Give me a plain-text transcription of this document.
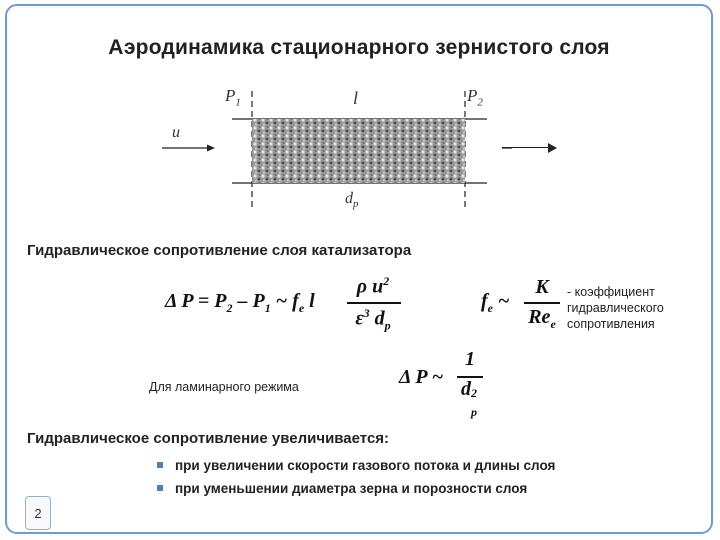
Аэродинамика стационарного зернистого слоя
$P_1$	$P_2$
l
u
$d_p$
Гидравлическое сопротивление слоя катализатора
Δ $P = P_2 - P_1$ ~ $f_e$ l
ρ $u^2$
$\varepsilon^3$ $d_p$
$f_e$ ~
K
$Re_e$
- коэффициент
гидравлического
сопротивления
Для ламинарного режима	Δ P ~
1
d 2
p
Гидравлическое сопротивление увеличивается:
при увеличении скорости газового потока и длины слоя
при уменьшении диаметра зерна и порозности слоя
2
